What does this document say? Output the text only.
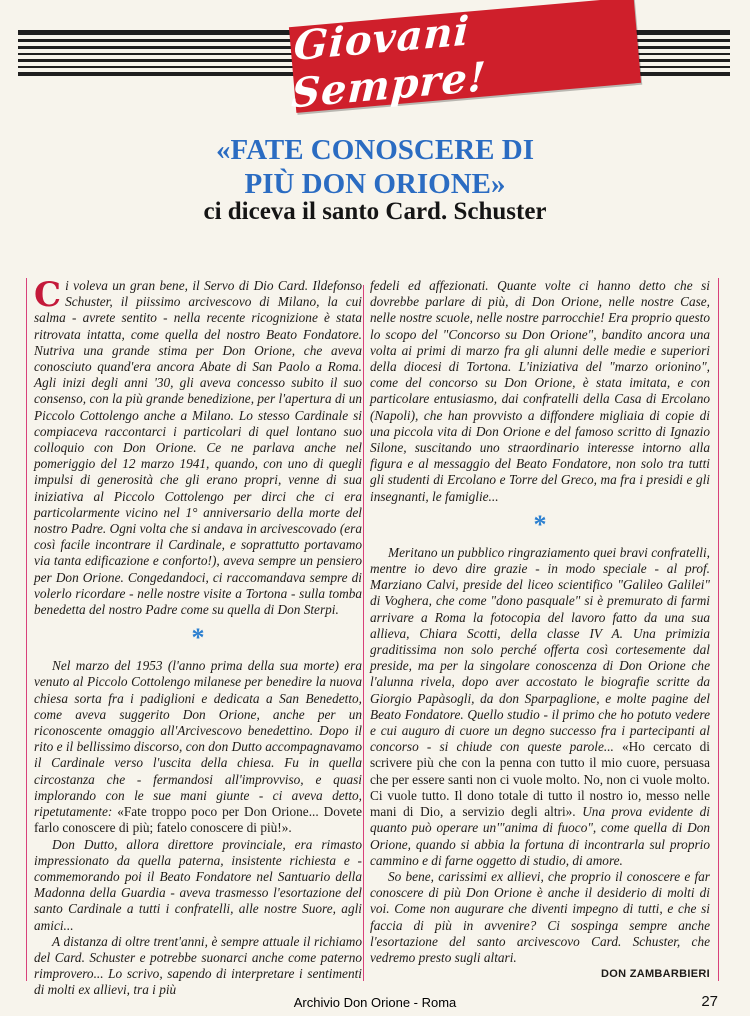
Giovani Sempre!
«FATE CONOSCERE DI PIÙ DON ORIONE»
ci diceva il santo Card. Schuster

Ci voleva un gran bene, il Servo di Dio Card. Ildefonso Schuster, il piissimo arcivescovo di Milano, la cui salma - avrete sentito - nella recente ricognizione è stata ritrovata intatta, come quella del nostro Beato Fondatore. Nutriva una grande stima per Don Orione, che aveva conosciuto quand'era ancora Abate di San Paolo a Roma. Agli inizi degli anni '30, gli aveva concesso subito il suo consenso, con la più grande benedizione, per l'apertura di un Piccolo Cottolengo anche a Milano. Lo stesso Cardinale si compiaceva raccontarci i particolari di quel lontano suo colloquio con Don Orione. Ce ne parlava anche nel pomeriggio del 12 marzo 1941, quando, con uno di quegli impulsi di generosità che gli erano propri, venne di sua iniziativa al Piccolo Cottolengo per dirci che ci era particolarmente vicino nel 1° anniversario della morte del nostro Padre. Ogni volta che si andava in arcivescovado (era così facile incontrare il Cardinale, e soprattutto portavamo via tanta edificazione e conforto!), aveva sempre un pensiero per Don Orione. Congedandoci, ci raccomandava sempre di volerlo ricordare - nelle nostre visite a Tortona - sulla tomba benedetta del nostro Padre come su quella di Don Sterpi.

*

Nel marzo del 1953 (l'anno prima della sua morte) era venuto al Piccolo Cottolengo milanese per benedire la nuova chiesa sorta fra i padiglioni e dedicata a San Benedetto, come aveva suggerito Don Orione, anche per un riconoscente omaggio all'Arcivescovo benedettino. Dopo il rito e il bellissimo discorso, con don Dutto accompagnavamo il Cardinale verso l'uscita della chiesa. Fu in quella circostanza che - fermandosi all'improvviso, e quasi implorando con le sue mani giunte - ci aveva detto, ripetutamente: «Fate troppo poco per Don Orione... Dovete farlo conoscere di più; fatelo conoscere di più!».

Don Dutto, allora direttore provinciale, era rimasto impressionato da quella paterna, insistente richiesta e - commemorando poi il Beato Fondatore nel Santuario della Madonna della Guardia - aveva trasmesso l'esortazione del santo Cardinale a tutti i confratelli, alle nostre Suore, agli amici...

A distanza di oltre trent'anni, è sempre attuale il richiamo del Card. Schuster e potrebbe suonarci anche come paterno rimprovero... Lo scrivo, sapendo di interpretare i sentimenti di molti ex allievi, tra i più

fedeli ed affezionati. Quante volte ci hanno detto che si dovrebbe parlare di più, di Don Orione, nelle nostre Case, nelle nostre scuole, nelle nostre parrocchie! Era proprio questo lo scopo del "Concorso su Don Orione", bandito ancora una volta ai primi di marzo fra gli alunni delle medie e superiori della diocesi di Tortona. L'iniziativa del "marzo orionino", come del concorso su Don Orione, è stata imitata, e con particolare entusiasmo, dai confratelli della Casa di Ercolano (Napoli), che han provvisto a diffondere migliaia di copie di una piccola vita di Don Orione e del famoso scritto di Ignazio Silone, suscitando uno straordinario interesse intorno alla figura e al messaggio del Beato Fondatore, non solo tra tutti gli studenti di Ercolano e Torre del Greco, ma fra i presidi e gli insegnanti, le famiglie...

*

Meritano un pubblico ringraziamento quei bravi confratelli, mentre io devo dire grazie - in modo speciale - al prof. Marziano Calvi, preside del liceo scientifico "Galileo Galilei" di Voghera, che come "dono pasquale" si è premurato di farmi arrivare a Roma la fotocopia del lavoro fatto da una sua allieva, Chiara Scotti, della classe IV A. Una primizia graditissima non solo perché offerta così cortesemente dal preside, ma per la singolare conoscenza di Don Orione che l'alunna rivela, dopo aver accostato le biografie scritte da Giorgio Papàsogli, da don Sparpaglione, e molte pagine del Beato Fondatore. Quello studio - il primo che ho potuto vedere e cui auguro di cuore un degno successo fra i partecipanti al concorso - si chiude con queste parole... «Ho cercato di scrivere più che con la penna con tutto il mio cuore, persuasa che per essere santi non ci vuole molto. No, non ci vuole molto. Ci vuole tutto. Il dono totale di tutto il nostro io, messo nelle mani di Dio, a servizio degli altri». Una prova evidente di quanto può operare un'"anima di fuoco", come quella di Don Orione, quando si abbia la fortuna di incontrarla sul proprio cammino e di farne oggetto di studio, di amore.

So bene, carissimi ex allievi, che proprio il conoscere e far conoscere di più Don Orione è anche il desiderio di molti di voi. Come non augurare che diventi impegno di tutti, e che si faccia di più in avvenire? Ci sospinga sempre anche l'esortazione del santo arcivescovo Card. Schuster, che vedremo presto sugli altari.

DON ZAMBARBIERI
Archivio Don Orione - Roma	27
